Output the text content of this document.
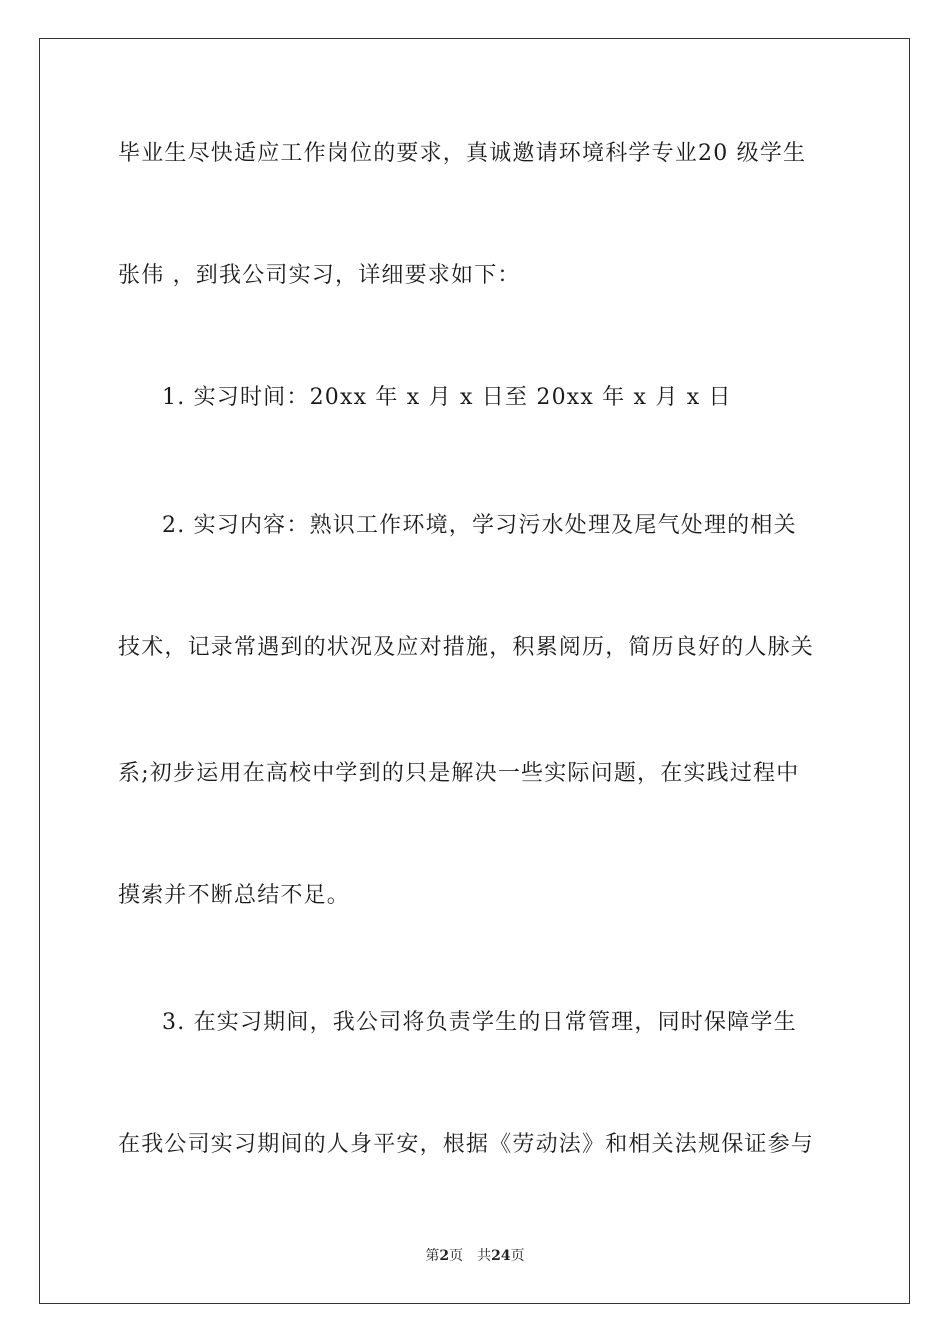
毕业生尽快适应工作岗位的要求，真诚邀请环境科学专业20 级学生
张伟 ，到我公司实习，详细要求如下：
1. 实习时间：20xx 年 x 月 x 日至 20xx 年 x 月 x 日
2. 实习内容：熟识工作环境，学习污水处理及尾气处理的相关
技术，记录常遇到的状况及应对措施，积累阅历，简历良好的人脉关
系;初步运用在高校中学到的只是解决一些实际问题，在实践过程中
摸索并不断总结不足。
3. 在实习期间，我公司将负责学生的日常管理，同时保障学生
在我公司实习期间的人身平安，根据《劳动法》和相关法规保证参与
第2页 共24页
